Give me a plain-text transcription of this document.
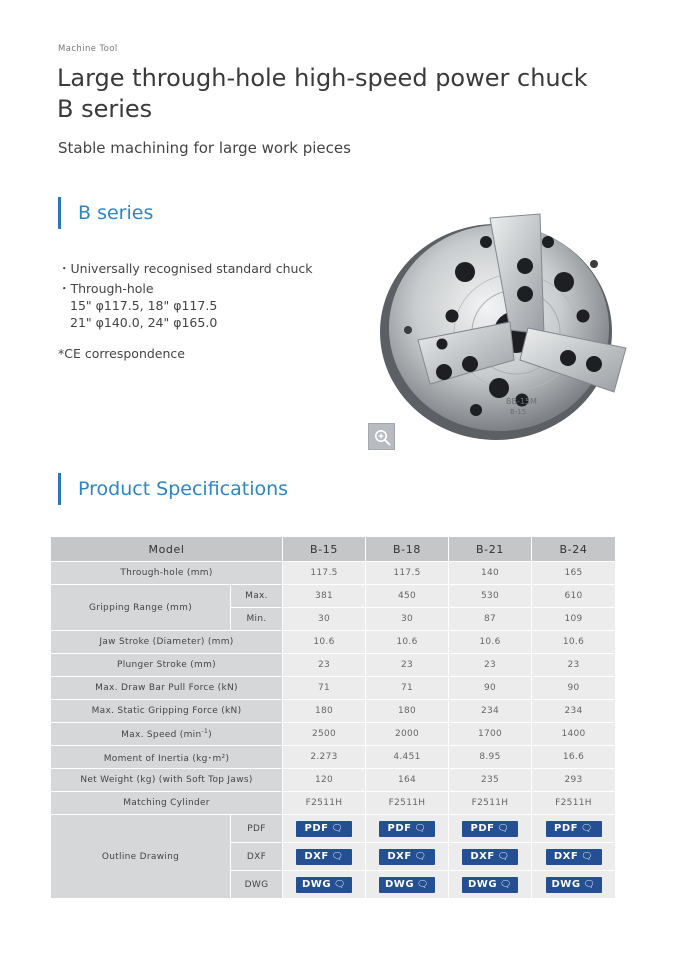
Machine Tool
Large through-hole high-speed power chuck
B series
Stable machining for large work pieces
B series
・Universally recognised standard chuck
・Through-hole
15" φ117.5, 18" φ117.5
21" φ140.0, 24" φ165.0
*CE correspondence
BB-15M
B-15
Product Specifications
Model		B-15	B-18	B-21	B-24
Through-hole (mm)		117.5	117.5	140	165
Gripping Range (mm)	Max.	381	450	530	610
	Min.	30	30	87	109
Jaw Stroke (Diameter) (mm)		10.6	10.6	10.6	10.6
Plunger Stroke (mm)		23	23	23	23
Max. Draw Bar Pull Force (kN)		71	71	90	90
Max. Static Gripping Force (kN)		180	180	234	234
Max. Speed $(\min^{-1})$		2500	2000	1700	1400
Moment of Inertia (kg･m²)		2.273	4.451	8.95	16.6
Net Weight (kg) (with Soft Top Jaws)		120	164	235	293
Matching Cylinder		F2511H	F2511H	F2511H	F2511H
Outline Drawing	PDF	PDF 🗨	PDF 🗨	PDF 🗨	PDF 🗨
	DXF	DXF 🗨	DXF 🗨	DXF 🗨	DXF 🗨
	DWG	DWG 🗨	DWG 🗨	DWG 🗨	DWG 🗨
